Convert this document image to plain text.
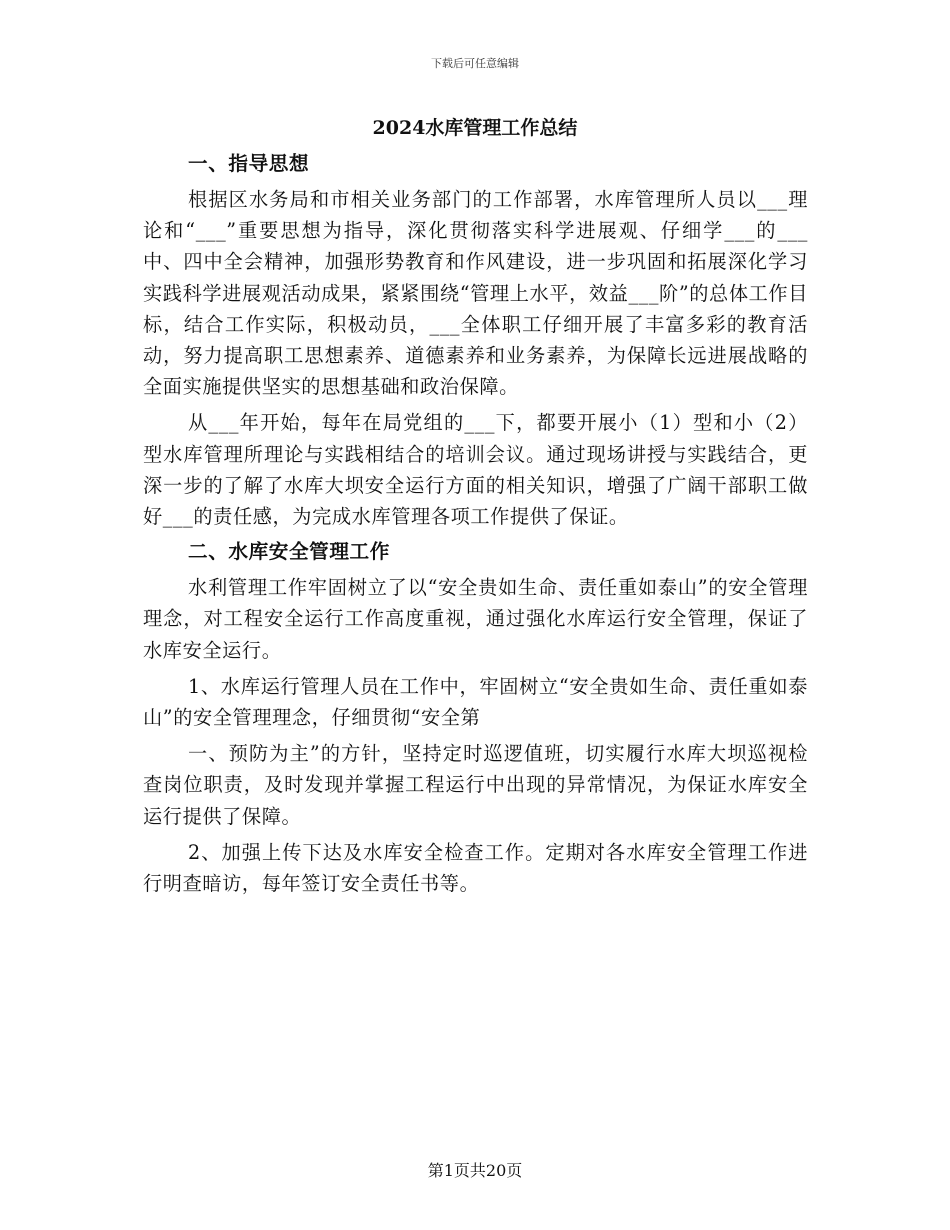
下载后可任意编辑
2024水库管理工作总结
一、指导思想

根据区水务局和市相关业务部门的工作部署，水库管理所人员以___理论和“___”重要思想为指导，深化贯彻落实科学进展观、仔细学___的___中、四中全会精神，加强形势教育和作风建设，进一步巩固和拓展深化学习实践科学进展观活动成果，紧紧围绕“管理上水平，效益___阶”的总体工作目标，结合工作实际，积极动员，___全体职工仔细开展了丰富多彩的教育活动，努力提高职工思想素养、道德素养和业务素养，为保障长远进展战略的全面实施提供坚实的思想基础和政治保障。

从___年开始，每年在局党组的___下，都要开展小（1）型和小（2）型水库管理所理论与实践相结合的培训会议。通过现场讲授与实践结合，更深一步的了解了水库大坝安全运行方面的相关知识，增强了广阔干部职工做好___的责任感，为完成水库管理各项工作提供了保证。

二、水库安全管理工作

水利管理工作牢固树立了以“安全贵如生命、责任重如泰山”的安全管理理念，对工程安全运行工作高度重视，通过强化水库运行安全管理，保证了水库安全运行。

1、水库运行管理人员在工作中，牢固树立“安全贵如生命、责任重如泰山”的安全管理理念，仔细贯彻“安全第

一、预防为主”的方针，坚持定时巡逻值班，切实履行水库大坝巡视检查岗位职责，及时发现并掌握工程运行中出现的异常情况，为保证水库安全运行提供了保障。

2、加强上传下达及水库安全检查工作。定期对各水库安全管理工作进行明查暗访，每年签订安全责任书等。

第1页共20页
